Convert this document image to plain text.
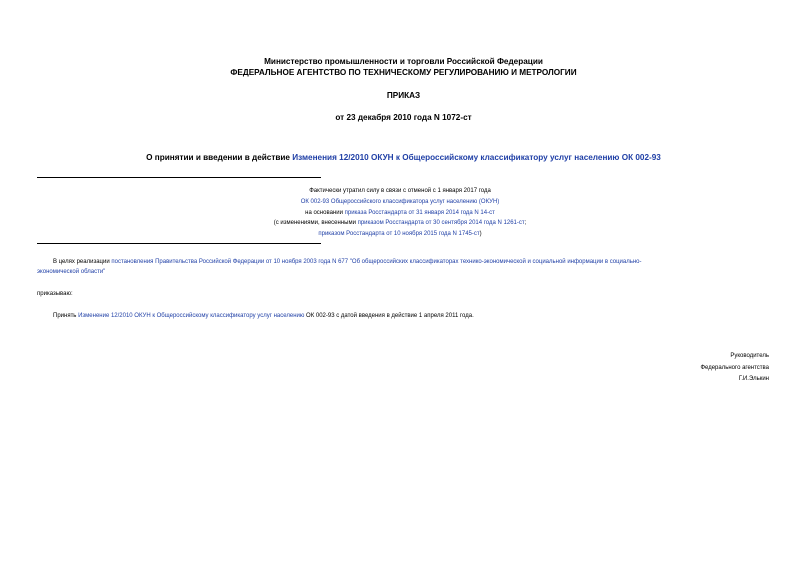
Министерство промышленности и торговли Российской Федерации
ФЕДЕРАЛЬНОЕ АГЕНТСТВО ПО ТЕХНИЧЕСКОМУ РЕГУЛИРОВАНИЮ И МЕТРОЛОГИИ
ПРИКАЗ
от 23 декабря 2010 года N 1072-ст
О принятии и введении в действие Изменения 12/2010 ОКУН к Общероссийскому классификатору услуг населению ОК 002-93
Фактически утратил силу в связи с отменой с 1 января 2017 года
ОК 002-93 Общероссийского классификатора услуг населению (ОКУН)
на основании приказа Росстандарта от 31 января 2014 года N 14-ст
(с изменениями, внесенными приказом Росстандарта от 30 сентября 2014 года N 1261-ст;
приказом Росстандарта от 10 ноября 2015 года N 1745-ст)
В целях реализации постановления Правительства Российской Федерации от 10 ноября 2003 года N 677 "Об общероссийских классификаторах технико-экономической и социальной информации в социально-
экономической области"
приказываю:
Принять Изменение 12/2010 ОКУН к Общероссийскому классификатору услуг населению ОК 002-93 с датой введения в действие 1 апреля 2011 года.
Руководитель
Федерального агентства
Г.И.Элькин
